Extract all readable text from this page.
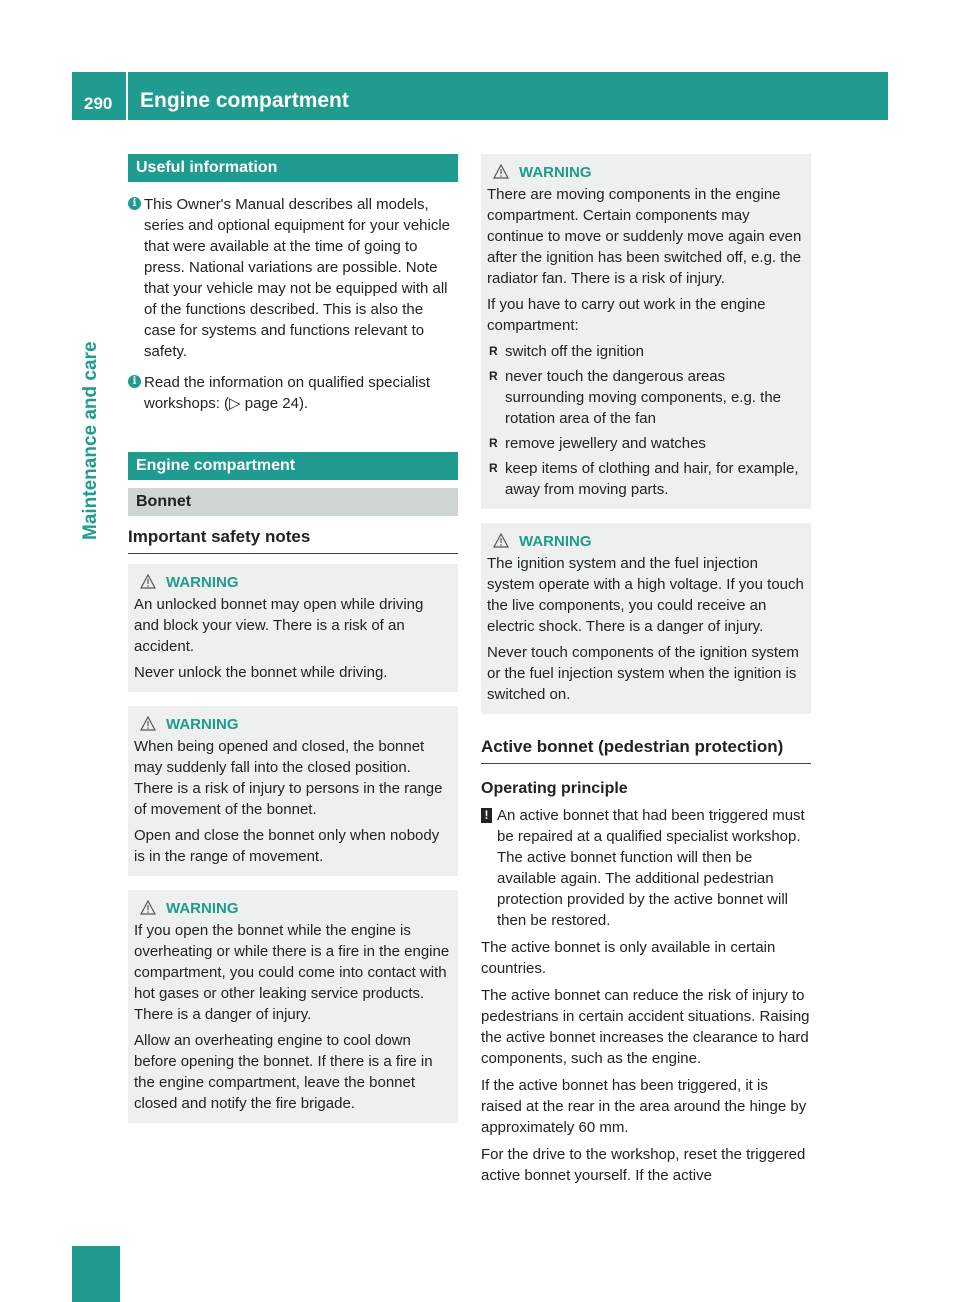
290 Engine compartment
Maintenance and care
Useful information
i This Owner's Manual describes all models, series and optional equipment for your vehicle that were available at the time of going to press. National variations are possible. Note that your vehicle may not be equipped with all of the functions described. This is also the case for systems and functions relevant to safety.
i Read the information on qualified specialist workshops: (▷ page 24).
Engine compartment
Bonnet
Important safety notes
WARNING

An unlocked bonnet may open while driving and block your view. There is a risk of an accident.

Never unlock the bonnet while driving.

WARNING

When being opened and closed, the bonnet may suddenly fall into the closed position. There is a risk of injury to persons in the range of movement of the bonnet.

Open and close the bonnet only when nobody is in the range of movement.

WARNING

If you open the bonnet while the engine is overheating or while there is a fire in the engine compartment, you could come into contact with hot gases or other leaking service products. There is a danger of injury.

Allow an overheating engine to cool down before opening the bonnet. If there is a fire in the engine compartment, leave the bonnet closed and notify the fire brigade.

WARNING

There are moving components in the engine compartment. Certain components may continue to move or suddenly move again even after the ignition has been switched off, e.g. the radiator fan. There is a risk of injury.

If you have to carry out work in the engine compartment:

R switch off the ignition
R never touch the dangerous areas surrounding moving components, e.g. the rotation area of the fan
R remove jewellery and watches
R keep items of clothing and hair, for example, away from moving parts.
WARNING

The ignition system and the fuel injection system operate with a high voltage. If you touch the live components, you could receive an electric shock. There is a danger of injury.

Never touch components of the ignition system or the fuel injection system when the ignition is switched on.

Active bonnet (pedestrian protection)
Operating principle
! An active bonnet that had been triggered must be repaired at a qualified specialist workshop. The active bonnet function will then be available again. The additional pedestrian protection provided by the active bonnet will then be restored.

The active bonnet is only available in certain countries.

The active bonnet can reduce the risk of injury to pedestrians in certain accident situations. Raising the active bonnet increases the clearance to hard components, such as the engine.

If the active bonnet has been triggered, it is raised at the rear in the area around the hinge by approximately 60 mm.

For the drive to the workshop, reset the triggered active bonnet yourself. If the active
